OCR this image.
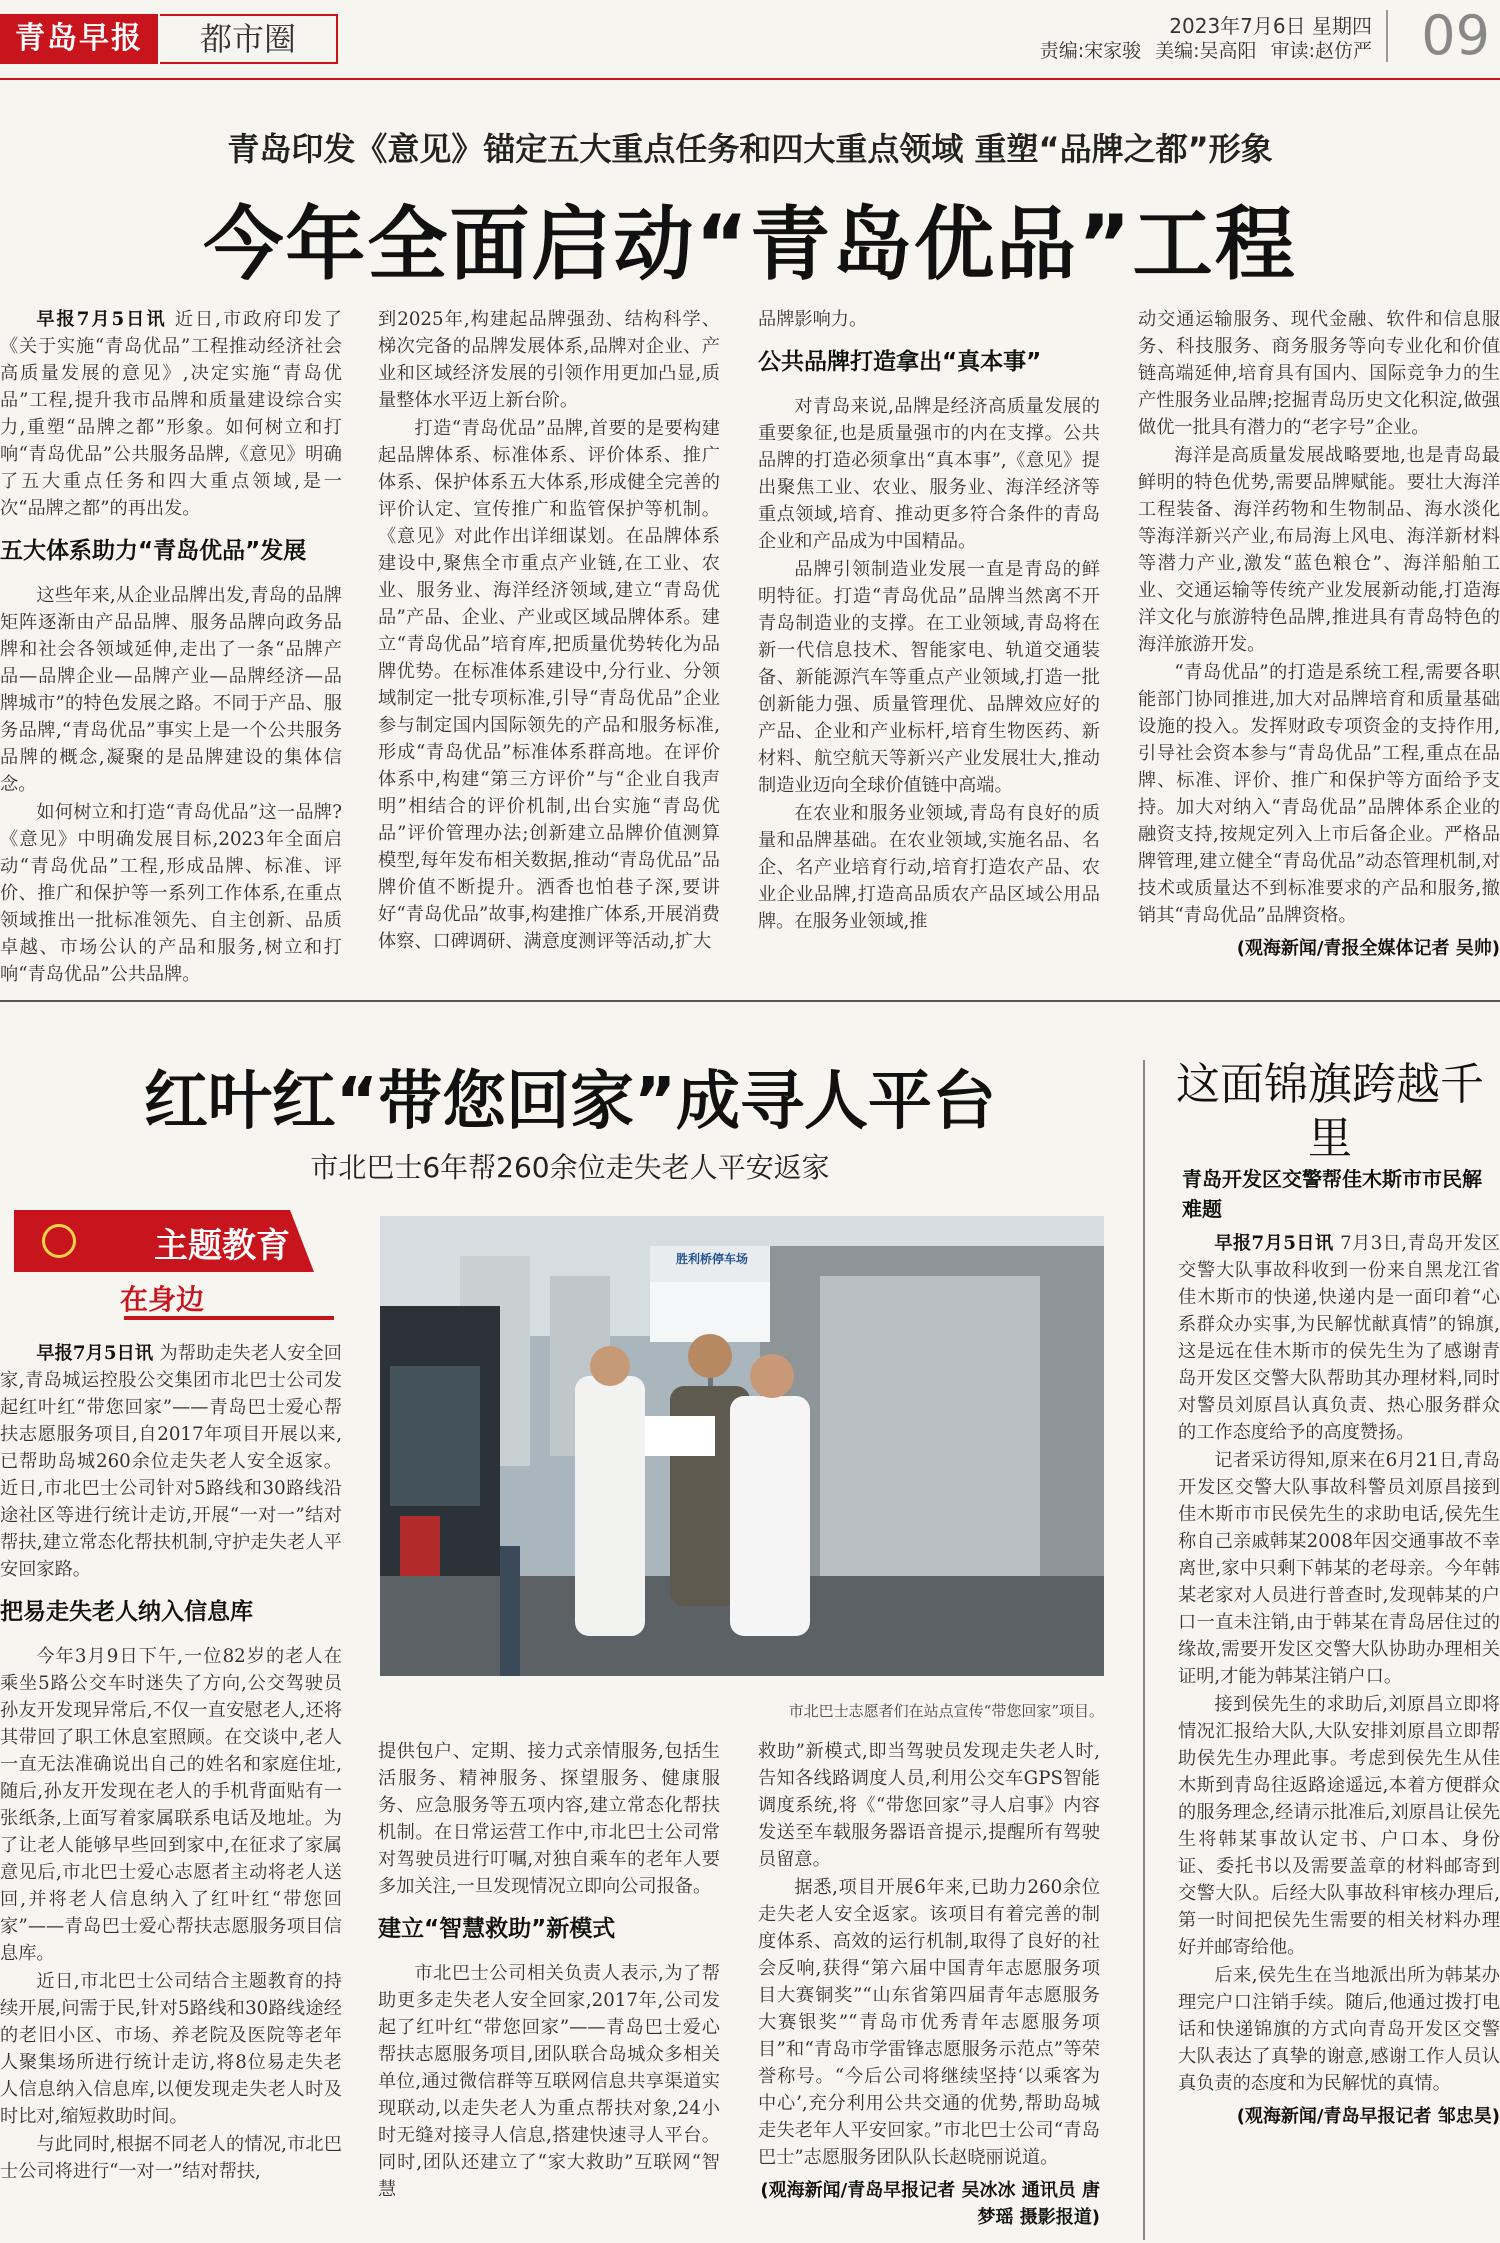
青岛早报	都市圈	2023年7月6日 星期四
责编:宋家骏 美编:吴高阳 审读:赵仿严 09
青岛印发《意见》锚定五大重点任务和四大重点领域 重塑“品牌之都”形象
今年全面启动“青岛优品”工程

早报7月5日讯 近日,市政府印发了《关于实施“青岛优品”工程推动经济社会高质量发展的意见》,决定实施“青岛优品”工程,提升我市品牌和质量建设综合实力,重塑“品牌之都”形象。如何树立和打响“青岛优品”公共服务品牌,《意见》明确了五大重点任务和四大重点领域,是一次“品牌之都”的再出发。

五大体系助力“青岛优品”发展

这些年来,从企业品牌出发,青岛的品牌矩阵逐渐由产品品牌、服务品牌向政务品牌和社会各领域延伸,走出了一条“品牌产品—品牌企业—品牌产业—品牌经济—品牌城市”的特色发展之路。不同于产品、服务品牌,“青岛优品”事实上是一个公共服务品牌的概念,凝聚的是品牌建设的集体信念。

如何树立和打造“青岛优品”这一品牌?《意见》中明确发展目标,2023年全面启动“青岛优品”工程,形成品牌、标准、评价、推广和保护等一系列工作体系,在重点领域推出一批标准领先、自主创新、品质卓越、市场公认的产品和服务,树立和打响“青岛优品”公共品牌。

到2025年,构建起品牌强劲、结构科学、梯次完备的品牌发展体系,品牌对企业、产业和区域经济发展的引领作用更加凸显,质量整体水平迈上新台阶。

打造“青岛优品”品牌,首要的是要构建起品牌体系、标准体系、评价体系、推广体系、保护体系五大体系,形成健全完善的评价认定、宣传推广和监管保护等机制。《意见》对此作出详细谋划。在品牌体系建设中,聚焦全市重点产业链,在工业、农业、服务业、海洋经济领域,建立“青岛优品”产品、企业、产业或区域品牌体系。建立“青岛优品”培育库,把质量优势转化为品牌优势。在标准体系建设中,分行业、分领域制定一批专项标准,引导“青岛优品”企业参与制定国内国际领先的产品和服务标准,形成“青岛优品”标准体系群高地。在评价体系中,构建“第三方评价”与“企业自我声明”相结合的评价机制,出台实施“青岛优品”评价管理办法;创新建立品牌价值测算模型,每年发布相关数据,推动“青岛优品”品牌价值不断提升。洒香也怕巷子深,要讲好“青岛优品”故事,构建推广体系,开展消费体察、口碑调研、满意度测评等活动,扩大

品牌影响力。

公共品牌打造拿出“真本事”

对青岛来说,品牌是经济高质量发展的重要象征,也是质量强市的内在支撑。公共品牌的打造必须拿出“真本事”,《意见》提出聚焦工业、农业、服务业、海洋经济等重点领域,培育、推动更多符合条件的青岛企业和产品成为中国精品。

品牌引领制造业发展一直是青岛的鲜明特征。打造“青岛优品”品牌当然离不开青岛制造业的支撑。在工业领域,青岛将在新一代信息技术、智能家电、轨道交通装备、新能源汽车等重点产业领域,打造一批创新能力强、质量管理优、品牌效应好的产品、企业和产业标杆,培育生物医药、新材料、航空航天等新兴产业发展壮大,推动制造业迈向全球价值链中高端。

在农业和服务业领域,青岛有良好的质量和品牌基础。在农业领域,实施名品、名企、名产业培育行动,培育打造农产品、农业企业品牌,打造高品质农产品区域公用品牌。在服务业领域,推

动交通运输服务、现代金融、软件和信息服务、科技服务、商务服务等向专业化和价值链高端延伸,培育具有国内、国际竞争力的生产性服务业品牌;挖掘青岛历史文化积淀,做强做优一批具有潜力的“老字号”企业。

海洋是高质量发展战略要地,也是青岛最鲜明的特色优势,需要品牌赋能。要壮大海洋工程装备、海洋药物和生物制品、海水淡化等海洋新兴产业,布局海上风电、海洋新材料等潜力产业,激发“蓝色粮仓”、海洋船舶工业、交通运输等传统产业发展新动能,打造海洋文化与旅游特色品牌,推进具有青岛特色的海洋旅游开发。

“青岛优品”的打造是系统工程,需要各职能部门协同推进,加大对品牌培育和质量基础设施的投入。发挥财政专项资金的支持作用,引导社会资本参与“青岛优品”工程,重点在品牌、标准、评价、推广和保护等方面给予支持。加大对纳入“青岛优品”品牌体系企业的融资支持,按规定列入上市后备企业。严格品牌管理,建立健全“青岛优品”动态管理机制,对技术或质量达不到标准要求的产品和服务,撤销其“青岛优品”品牌资格。

(观海新闻/青报全媒体记者 吴帅)
红叶红“带您回家”成寻人平台
市北巴士6年帮260余位走失老人平安返家
主题教育
在身边
胜利桥停车场
市北巴士志愿者们在站点宣传“带您回家”项目。

早报7月5日讯 为帮助走失老人安全回家,青岛城运控股公交集团市北巴士公司发起红叶红“带您回家”——青岛巴士爱心帮扶志愿服务项目,自2017年项目开展以来,已帮助岛城260余位走失老人安全返家。近日,市北巴士公司针对5路线和30路线沿途社区等进行统计走访,开展“一对一”结对帮扶,建立常态化帮扶机制,守护走失老人平安回家路。

把易走失老人纳入信息库

今年3月9日下午,一位82岁的老人在乘坐5路公交车时迷失了方向,公交驾驶员孙友开发现异常后,不仅一直安慰老人,还将其带回了职工休息室照顾。在交谈中,老人一直无法准确说出自己的姓名和家庭住址,随后,孙友开发现在老人的手机背面贴有一张纸条,上面写着家属联系电话及地址。为了让老人能够早些回到家中,在征求了家属意见后,市北巴士爱心志愿者主动将老人送回,并将老人信息纳入了红叶红“带您回家”——青岛巴士爱心帮扶志愿服务项目信息库。

近日,市北巴士公司结合主题教育的持续开展,问需于民,针对5路线和30路线途经的老旧小区、市场、养老院及医院等老年人聚集场所进行统计走访,将8位易走失老人信息纳入信息库,以便发现走失老人时及时比对,缩短救助时间。

与此同时,根据不同老人的情况,市北巴士公司将进行“一对一”结对帮扶,

提供包户、定期、接力式亲情服务,包括生活服务、精神服务、探望服务、健康服务、应急服务等五项内容,建立常态化帮扶机制。在日常运营工作中,市北巴士公司常对驾驶员进行叮嘱,对独自乘车的老年人要多加关注,一旦发现情况立即向公司报备。

建立“智慧救助”新模式

市北巴士公司相关负责人表示,为了帮助更多走失老人安全回家,2017年,公司发起了红叶红“带您回家”——青岛巴士爱心帮扶志愿服务项目,团队联合岛城众多相关单位,通过微信群等互联网信息共享渠道实现联动,以走失老人为重点帮扶对象,24小时无缝对接寻人信息,搭建快速寻人平台。同时,团队还建立了“家大救助”互联网“智慧

救助”新模式,即当驾驶员发现走失老人时,告知各线路调度人员,利用公交车GPS智能调度系统,将《“带您回家”寻人启事》内容发送至车载服务器语音提示,提醒所有驾驶员留意。

据悉,项目开展6年来,已助力260余位走失老人安全返家。该项目有着完善的制度体系、高效的运行机制,取得了良好的社会反响,获得“第六届中国青年志愿服务项目大赛铜奖”“山东省第四届青年志愿服务大赛银奖”“青岛市优秀青年志愿服务项目”和“青岛市学雷锋志愿服务示范点”等荣誉称号。“今后公司将继续坚持‘以乘客为中心’,充分利用公共交通的优势,帮助岛城走失老年人平安回家。”市北巴士公司“青岛巴士”志愿服务团队队长赵晓丽说道。

(观海新闻/青岛早报记者 吴冰冰 通讯员 唐梦瑶 摄影报道)
这面锦旗跨越千里
青岛开发区交警帮佳木斯市市民解难题

早报7月5日讯 7月3日,青岛开发区交警大队事故科收到一份来自黑龙江省佳木斯市的快递,快递内是一面印着“心系群众办实事,为民解忧献真情”的锦旗,这是远在佳木斯市的侯先生为了感谢青岛开发区交警大队帮助其办理材料,同时对警员刘原昌认真负责、热心服务群众的工作态度给予的高度赞扬。

记者采访得知,原来在6月21日,青岛开发区交警大队事故科警员刘原昌接到佳木斯市市民侯先生的求助电话,侯先生称自己亲戚韩某2008年因交通事故不幸离世,家中只剩下韩某的老母亲。今年韩某老家对人员进行普查时,发现韩某的户口一直未注销,由于韩某在青岛居住过的缘故,需要开发区交警大队协助办理相关证明,才能为韩某注销户口。

接到侯先生的求助后,刘原昌立即将情况汇报给大队,大队安排刘原昌立即帮助侯先生办理此事。考虑到侯先生从佳木斯到青岛往返路途遥远,本着方便群众的服务理念,经请示批准后,刘原昌让侯先生将韩某事故认定书、户口本、身份证、委托书以及需要盖章的材料邮寄到交警大队。后经大队事故科审核办理后,第一时间把侯先生需要的相关材料办理好并邮寄给他。

后来,侯先生在当地派出所为韩某办理完户口注销手续。随后,他通过拨打电话和快递锦旗的方式向青岛开发区交警大队表达了真挚的谢意,感谢工作人员认真负责的态度和为民解忧的真情。

(观海新闻/青岛早报记者 邹忠昊)
